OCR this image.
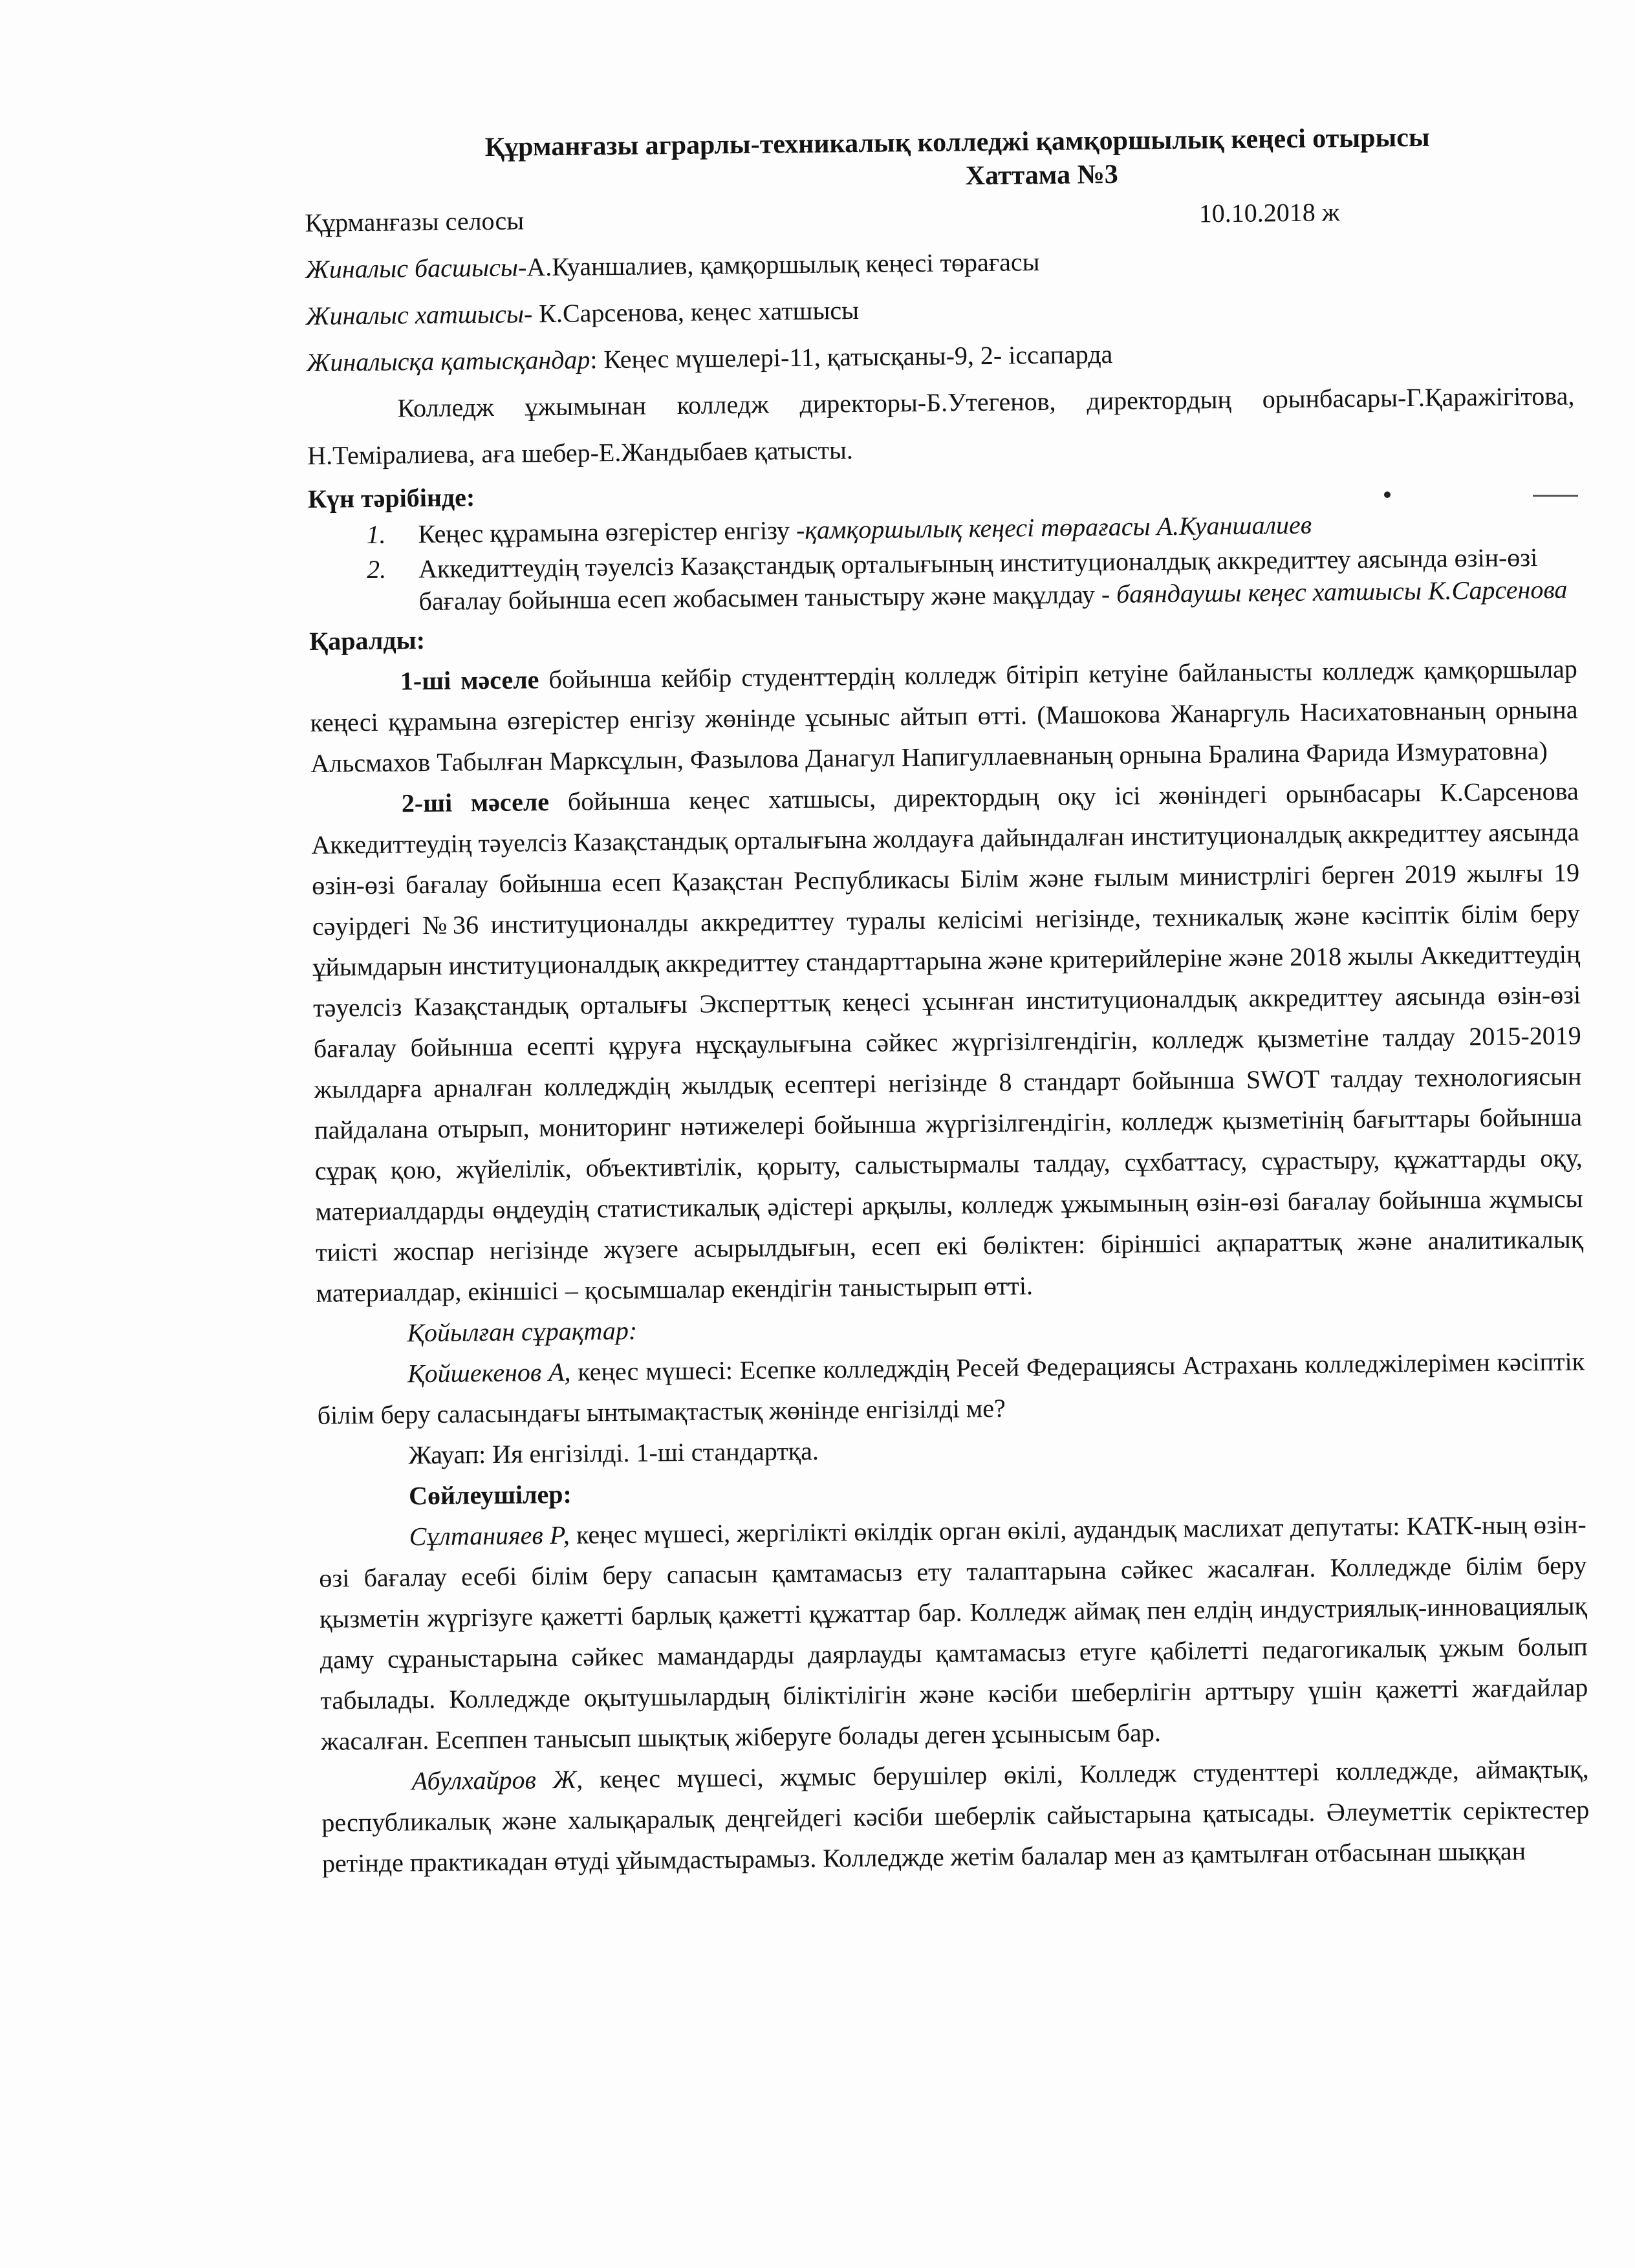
Құрманғазы аграрлы-техникалық колледжі қамқоршылық кеңесі отырысы
Хаттама №3
Құрманғазы селосы	10.10.2018 ж
Жиналыс басшысы-А.Куаншалиев, қамқоршылық кеңесі төрағасы
Жиналыс хатшысы- К.Сарсенова, кеңес хатшысы
Жиналысқа қатысқандар: Кеңес мүшелері-11, қатысқаны-9, 2- іссапарда

Колледж ұжымынан колледж директоры-Б.Утегенов, директордың орынбасары-Г.Қаражігітова, Н.Теміралиева, аға шебер-Е.Жандыбаев қатысты.

Күн тәрібінде:

1. Кеңес құрамына өзгерістер енгізу -қамқоршылық кеңесі төрағасы А.Куаншалиев
2. Аккедиттеудің тәуелсіз Казақстандық орталығының институционалдық аккредиттеу аясында өзін-өзі бағалау бойынша есеп жобасымен таныстыру және мақұлдау - баяндаушы кеңес хатшысы К.Сарсенова

Қаралды:

1-ші мәселе бойынша кейбір студенттердің колледж бітіріп кетуіне байланысты колледж қамқоршылар кеңесі құрамына өзгерістер енгізу жөнінде ұсыныс айтып өтті. (Машокова Жанаргуль Насихатовнаның орнына Альсмахов Табылған Марксұлын, Фазылова Данагул Напигуллаевнаның орнына Бралина Фарида Измуратовна)

2-ші мәселе бойынша кеңес хатшысы, директордың оқу ісі жөніндегі орынбасары К.Сарсенова Аккедиттеудің тәуелсіз Казақстандық орталығына жолдауға дайындалған институционалдық аккредиттеу аясында өзін-өзі бағалау бойынша есеп Қазақстан Республикасы Білім және ғылым министрлігі берген 2019 жылғы 19 сәуірдегі №36 институционалды аккредиттеу туралы келісімі негізінде, техникалық және кәсіптік білім беру ұйымдарын институционалдық аккредиттеу стандарттарына және критерийлеріне және 2018 жылы Аккедиттеудің тәуелсіз Казақстандық орталығы Эксперттық кеңесі ұсынған институционалдық аккредиттеу аясында өзін-өзі бағалау бойынша есепті құруға нұсқаулығына сәйкес жүргізілгендігін, колледж қызметіне талдау 2015-2019 жылдарға арналған колледждің жылдық есептері негізінде 8 стандарт бойынша SWOT талдау технологиясын пайдалана отырып, мониторинг нәтижелері бойынша жүргізілгендігін, колледж қызметінің бағыттары бойынша сұрақ қою, жүйелілік, объективтілік, қорыту, салыстырмалы талдау, сұхбаттасу, сұрастыру, құжаттарды оқу, материалдарды өңдеудің статистикалық әдістері арқылы, колледж ұжымының өзін-өзі бағалау бойынша жұмысы тиісті жоспар негізінде жүзеге асырылдығын, есеп екі бөліктен: біріншісі ақпараттық және аналитикалық материалдар, екіншісі – қосымшалар екендігін таныстырып өтті.

Қойылған сұрақтар:

Қойшекенов А, кеңес мүшесі: Есепке колледждің Ресей Федерациясы Астрахань колледжілерімен кәсіптік білім беру саласындағы ынтымақтастық жөнінде енгізілді ме?

Жауап: Ия енгізілді. 1-ші стандартқа.

Сөйлеушілер:

Сұлтанияев Р, кеңес мүшесі, жергілікті өкілдік орган өкілі, аудандық маслихат депутаты: КАТК-ның өзін-өзі бағалау есебі білім беру сапасын қамтамасыз ету талаптарына сәйкес жасалған. Колледжде білім беру қызметін жүргізуге қажетті барлық қажетті құжаттар бар. Колледж аймақ пен елдің индустриялық-инновациялық даму сұраныстарына сәйкес мамандарды даярлауды қамтамасыз етуге қабілетті педагогикалық ұжым болып табылады. Колледжде оқытушылардың біліктілігін және кәсіби шеберлігін арттыру үшін қажетті жағдайлар жасалған. Есеппен танысып шықтық жіберуге болады деген ұсынысым бар.

Абулхайров Ж, кеңес мүшесі, жұмыс берушілер өкілі, Колледж студенттері колледжде, аймақтық, республикалық және халықаралық деңгейдегі кәсіби шеберлік сайыстарына қатысады. Әлеуметтік серіктестер ретінде практикадан өтуді ұйымдастырамыз. Колледжде жетім балалар мен аз қамтылған отбасынан шыққан
